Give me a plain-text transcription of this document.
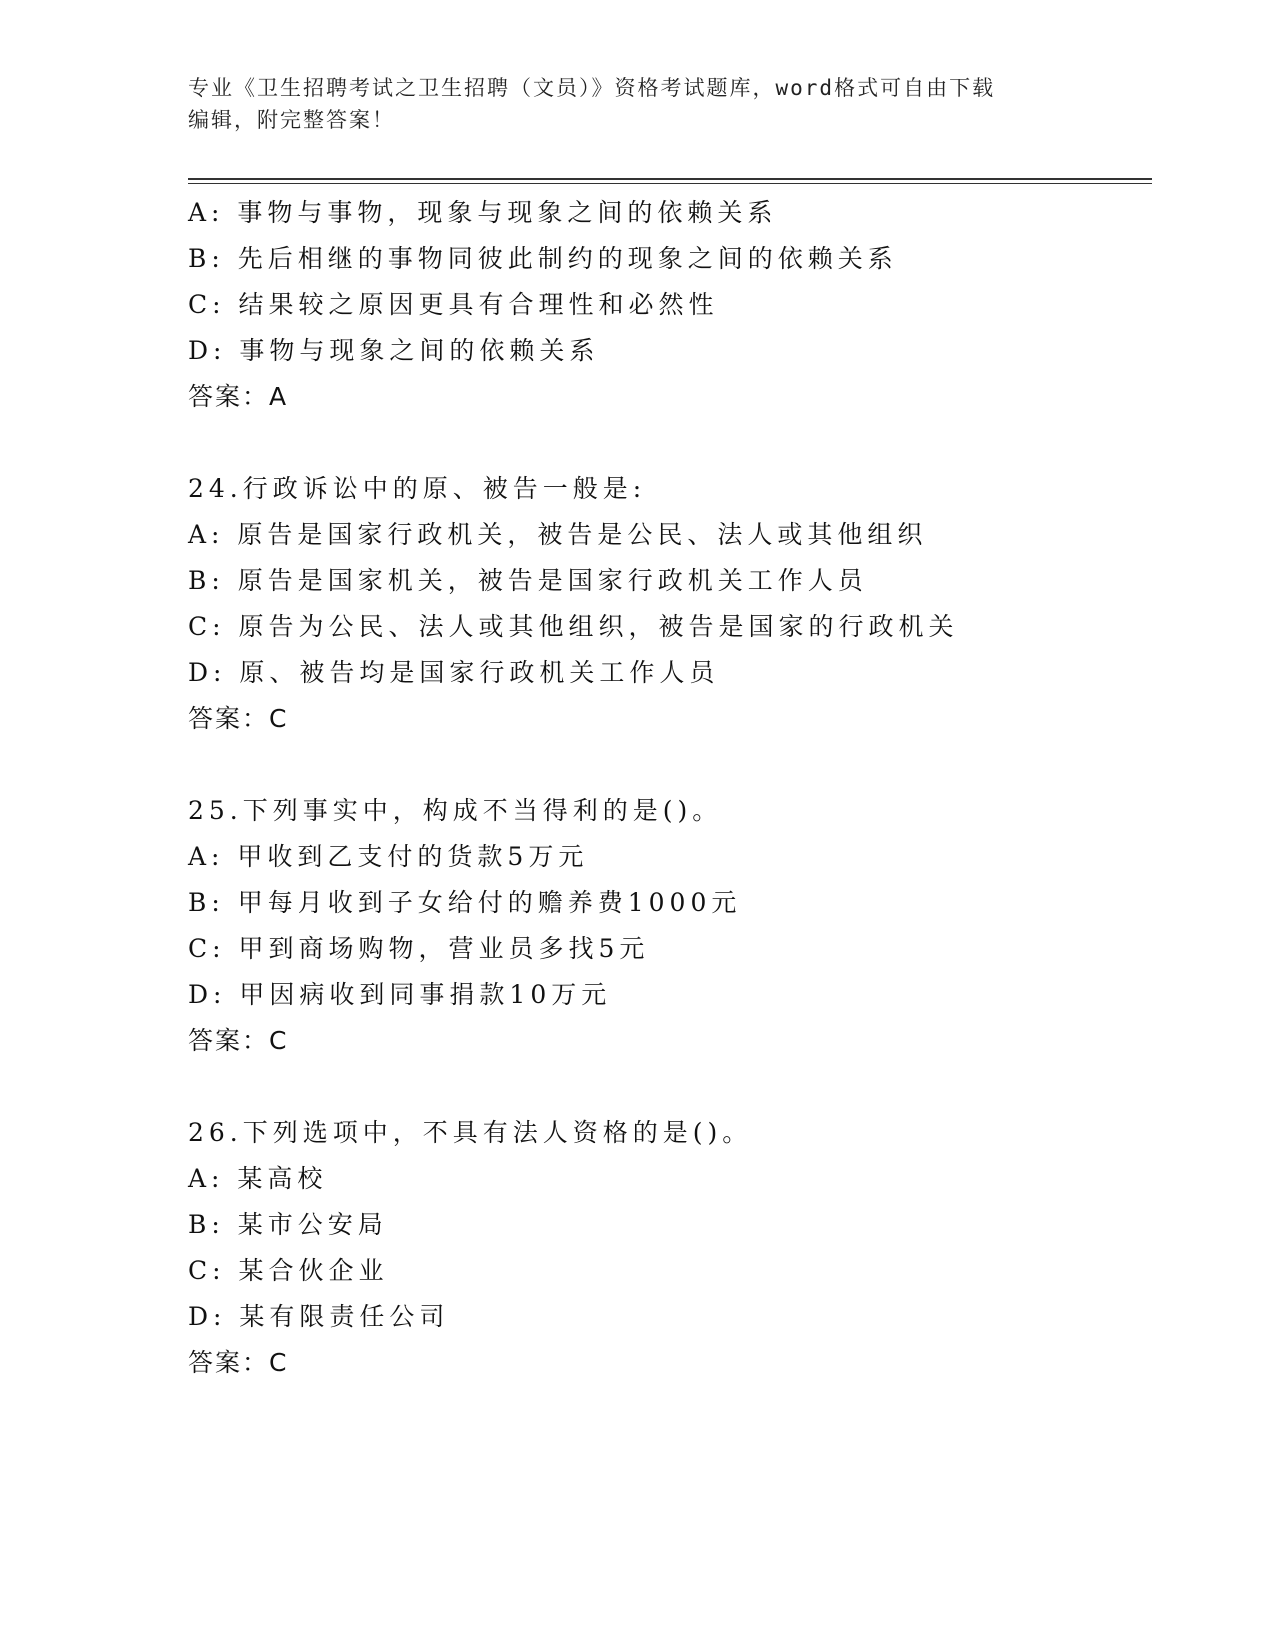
专业《卫生招聘考试之卫生招聘（文员）》资格考试题库，word格式可自由下载
编辑，附完整答案！
A: 事物与事物，现象与现象之间的依赖关系
B: 先后相继的事物同彼此制约的现象之间的依赖关系
C: 结果较之原因更具有合理性和必然性
D: 事物与现象之间的依赖关系
答案：A
24.行政诉讼中的原、被告一般是:
A: 原告是国家行政机关，被告是公民、法人或其他组织
B: 原告是国家机关，被告是国家行政机关工作人员
C: 原告为公民、法人或其他组织，被告是国家的行政机关
D: 原、被告均是国家行政机关工作人员
答案：C
25.下列事实中，构成不当得利的是()。
A: 甲收到乙支付的货款5万元
B: 甲每月收到子女给付的赡养费1000元
C: 甲到商场购物，营业员多找5元
D: 甲因病收到同事捐款10万元
答案：C
26.下列选项中，不具有法人资格的是()。
A: 某高校
B: 某市公安局
C: 某合伙企业
D: 某有限责任公司
答案：C
